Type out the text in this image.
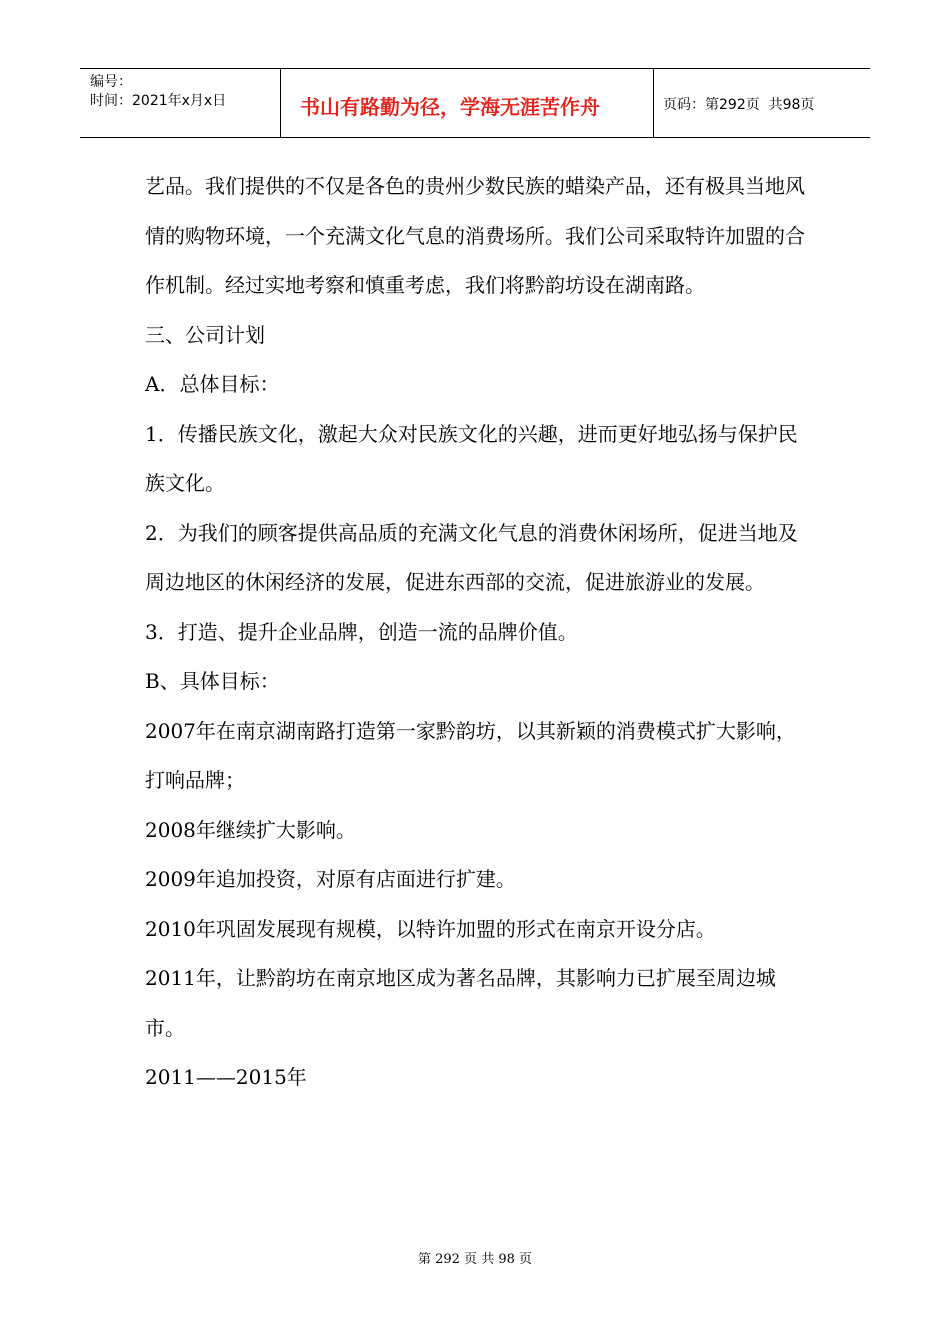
编号：
时间：2021年x月x日	书山有路勤为径，学海无涯苦作舟	页码：第292页  共98页

艺品。我们提供的不仅是各色的贵州少数民族的蜡染产品，还有极具当地风情的购物环境，一个充满文化气息的消费场所。我们公司采取特许加盟的合作机制。经过实地考察和慎重考虑，我们将黔韵坊设在湖南路。

三、公司计划

A．总体目标：

1．传播民族文化，激起大众对民族文化的兴趣，进而更好地弘扬与保护民族文化。

2．为我们的顾客提供高品质的充满文化气息的消费休闲场所，促进当地及周边地区的休闲经济的发展，促进东西部的交流，促进旅游业的发展。

3．打造、提升企业品牌，创造一流的品牌价值。

B、具体目标：

2007年在南京湖南路打造第一家黔韵坊，以其新颖的消费模式扩大影响，打响品牌；

2008年继续扩大影响。

2009年追加投资，对原有店面进行扩建。

2010年巩固发展现有规模，以特许加盟的形式在南京开设分店。

2011年，让黔韵坊在南京地区成为著名品牌，其影响力已扩展至周边城市。

2011——2015年

第 292 页 共 98 页
